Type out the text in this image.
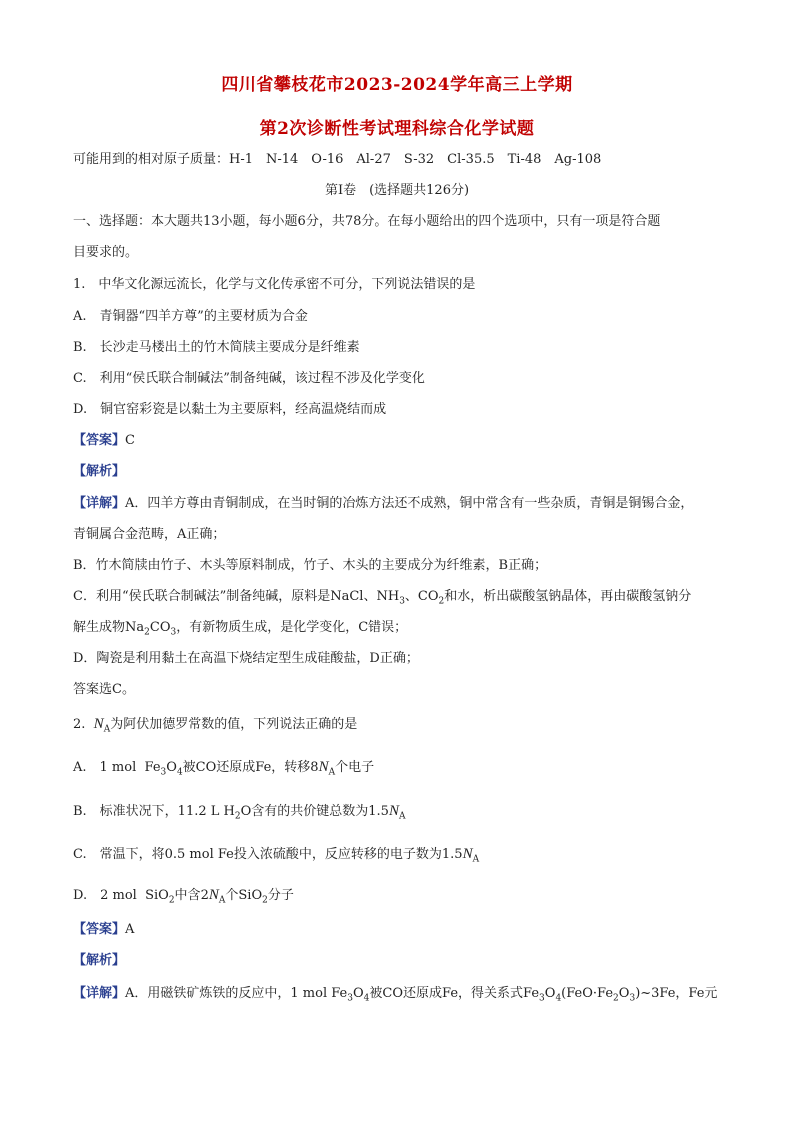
四川省攀枝花市2023-2024学年高三上学期
第2次诊断性考试理科综合化学试题
可能用到的相对原子质量：H-1　N-14　O-16　Al-27　S-32　Cl-35.5　Ti-48　Ag-108
第Ⅰ卷　(选择题共126分)
一、选择题：本大题共13小题，每小题6分，共78分。在每小题给出的四个选项中，只有一项是符合题
目要求的。
1.　中华文化源远流长，化学与文化传承密不可分，下列说法错误的是
A.　青铜器“四羊方尊”的主要材质为合金
B.　长沙走马楼出土的竹木简牍主要成分是纤维素
C.　利用“侯氏联合制碱法”制备纯碱，该过程不涉及化学变化
D.　铜官窑彩瓷是以黏土为主要原料，经高温烧结而成
【答案】C
【解析】
【详解】A．四羊方尊由青铜制成，在当时铜的冶炼方法还不成熟，铜中常含有一些杂质，青铜是铜锡合金，
青铜属合金范畴，A正确；
B．竹木简牍由竹子、木头等原料制成，竹子、木头的主要成分为纤维素，B正确；
C．利用“侯氏联合制碱法”制备纯碱，原料是NaCl、$NH_3$、$CO_2$和水，析出碳酸氢钠晶体，再由碳酸氢钠分
解生成物$Na_2CO_3$，有新物质生成，是化学变化，C错误；
D．陶瓷是利用黏土在高温下烧结定型生成硅酸盐，D正确；
答案选C。
2. $N_A$为阿伏加德罗常数的值，下列说法正确的是
A.　1 mol $Fe_3O_4$被CO还原成Fe，转移$8N_A$个电子
B.　标准状况下，11.2 L $H_2O$含有的共价键总数为$1.5N_A$
C.　常温下，将0.5 mol Fe投入浓硫酸中，反应转移的电子数为$1.5N_A$
D.　2 mol SiO$_2$中含$2N_A$个SiO$_2$分子
【答案】A
【解析】
【详解】A．用磁铁矿炼铁的反应中，1 mol $Fe_3O_4$被CO还原成Fe，得关系式$Fe_3O_4(FeO\cdot Fe_2O_3)\sim 3Fe$，Fe元
